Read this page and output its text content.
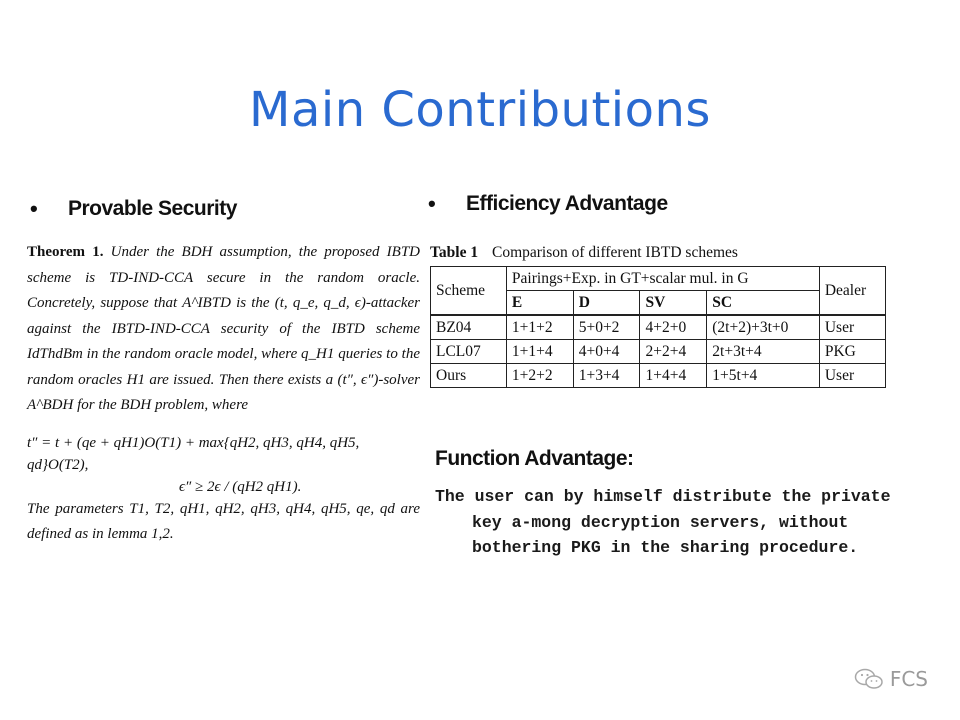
Main Contributions
•	Provable Security	•	Efficiency Advantage
Theorem 1. Under the BDH assumption, the proposed IBTD scheme is TD-IND-CCA secure in the random oracle. Concretely, suppose that A^IBTD is the (t, q_e, q_d, ϵ)-attacker against the IBTD-IND-CCA security of the IBTD scheme IdThdBm in the random oracle model, where q_H1 queries to the random oracles H1 are issued. Then there exists a (t″, ϵ″)-solver A^BDH for the BDH problem, where
t″ = t + (qe + qH1)O(T1) + max{qH2, qH3, qH4, qH5, qd}O(T2),
ϵ″ ≥ 2ϵ / (qH2 qH1).
The parameters T1, T2, qH1, qH2, qH3, qH4, qH5, qe, qd are defined as in lemma 1,2.
Table 1 Comparison of different IBTD schemes
Scheme	Pairings+Exp. in GT+scalar mul. in G				Dealer
	E	D	SV	SC	
BZ04	1+1+2	5+0+2	4+2+0	(2t+2)+3t+0	User
LCL07	1+1+4	4+0+4	2+2+4	2t+3t+4	PKG
Ours	1+2+2	1+3+4	1+4+4	1+5t+4	User
Function Advantage:
The user can by himself distribute the private key a-mong decryption servers, without bothering PKG in the sharing procedure.
FCS
